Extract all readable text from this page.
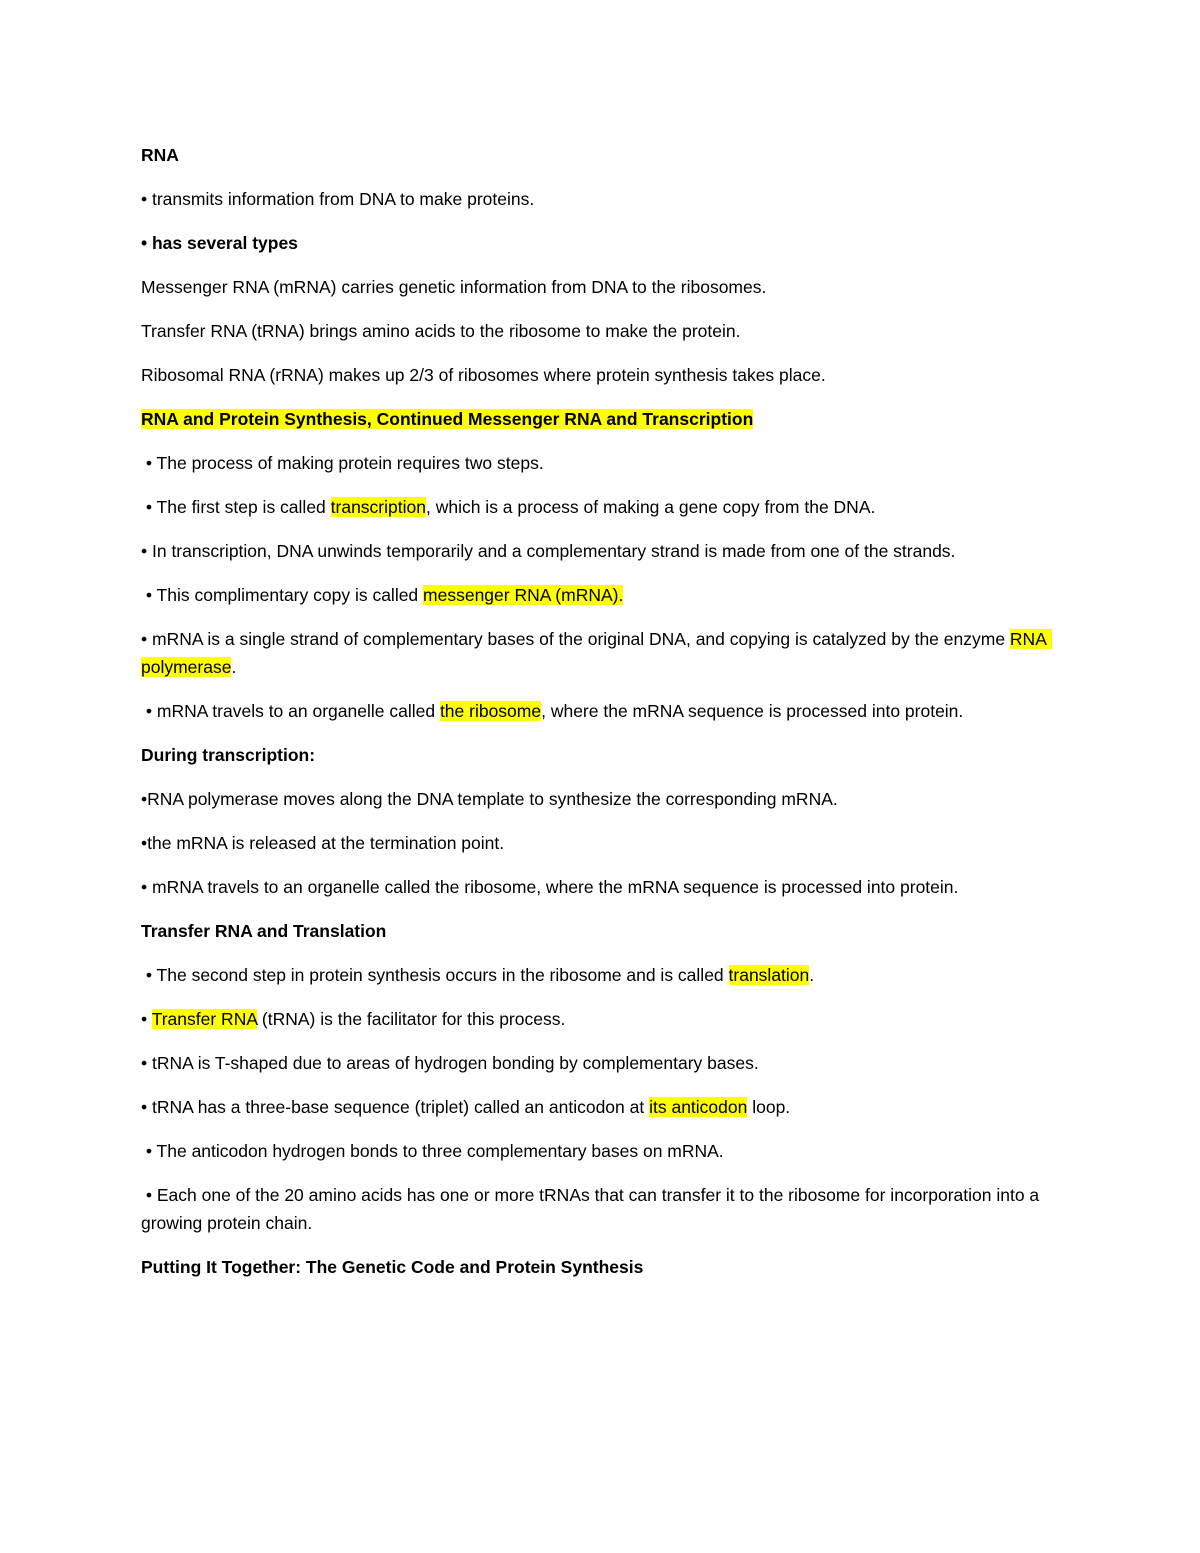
RNA
• transmits information from DNA to make proteins.
• has several types
Messenger RNA (mRNA) carries genetic information from DNA to the ribosomes.
Transfer RNA (tRNA) brings amino acids to the ribosome to make the protein.
Ribosomal RNA (rRNA) makes up 2/3 of ribosomes where protein synthesis takes place.
RNA and Protein Synthesis, Continued Messenger RNA and Transcription
• The process of making protein requires two steps.
• The first step is called transcription, which is a process of making a gene copy from the DNA.
• In transcription, DNA unwinds temporarily and a complementary strand is made from one of the strands.
• This complimentary copy is called messenger RNA (mRNA).
• mRNA is a single strand of complementary bases of the original DNA, and copying is catalyzed by the enzyme RNA polymerase.
• mRNA travels to an organelle called the ribosome, where the mRNA sequence is processed into protein.
During transcription:
•RNA polymerase moves along the DNA template to synthesize the corresponding mRNA.
•the mRNA is released at the termination point.
• mRNA travels to an organelle called the ribosome, where the mRNA sequence is processed into protein.
Transfer RNA and Translation
• The second step in protein synthesis occurs in the ribosome and is called translation.
• Transfer RNA (tRNA) is the facilitator for this process.
• tRNA is T-shaped due to areas of hydrogen bonding by complementary bases.
• tRNA has a three-base sequence (triplet) called an anticodon at its anticodon loop.
• The anticodon hydrogen bonds to three complementary bases on mRNA.
• Each one of the 20 amino acids has one or more tRNAs that can transfer it to the ribosome for incorporation into a growing protein chain.
Putting It Together: The Genetic Code and Protein Synthesis
